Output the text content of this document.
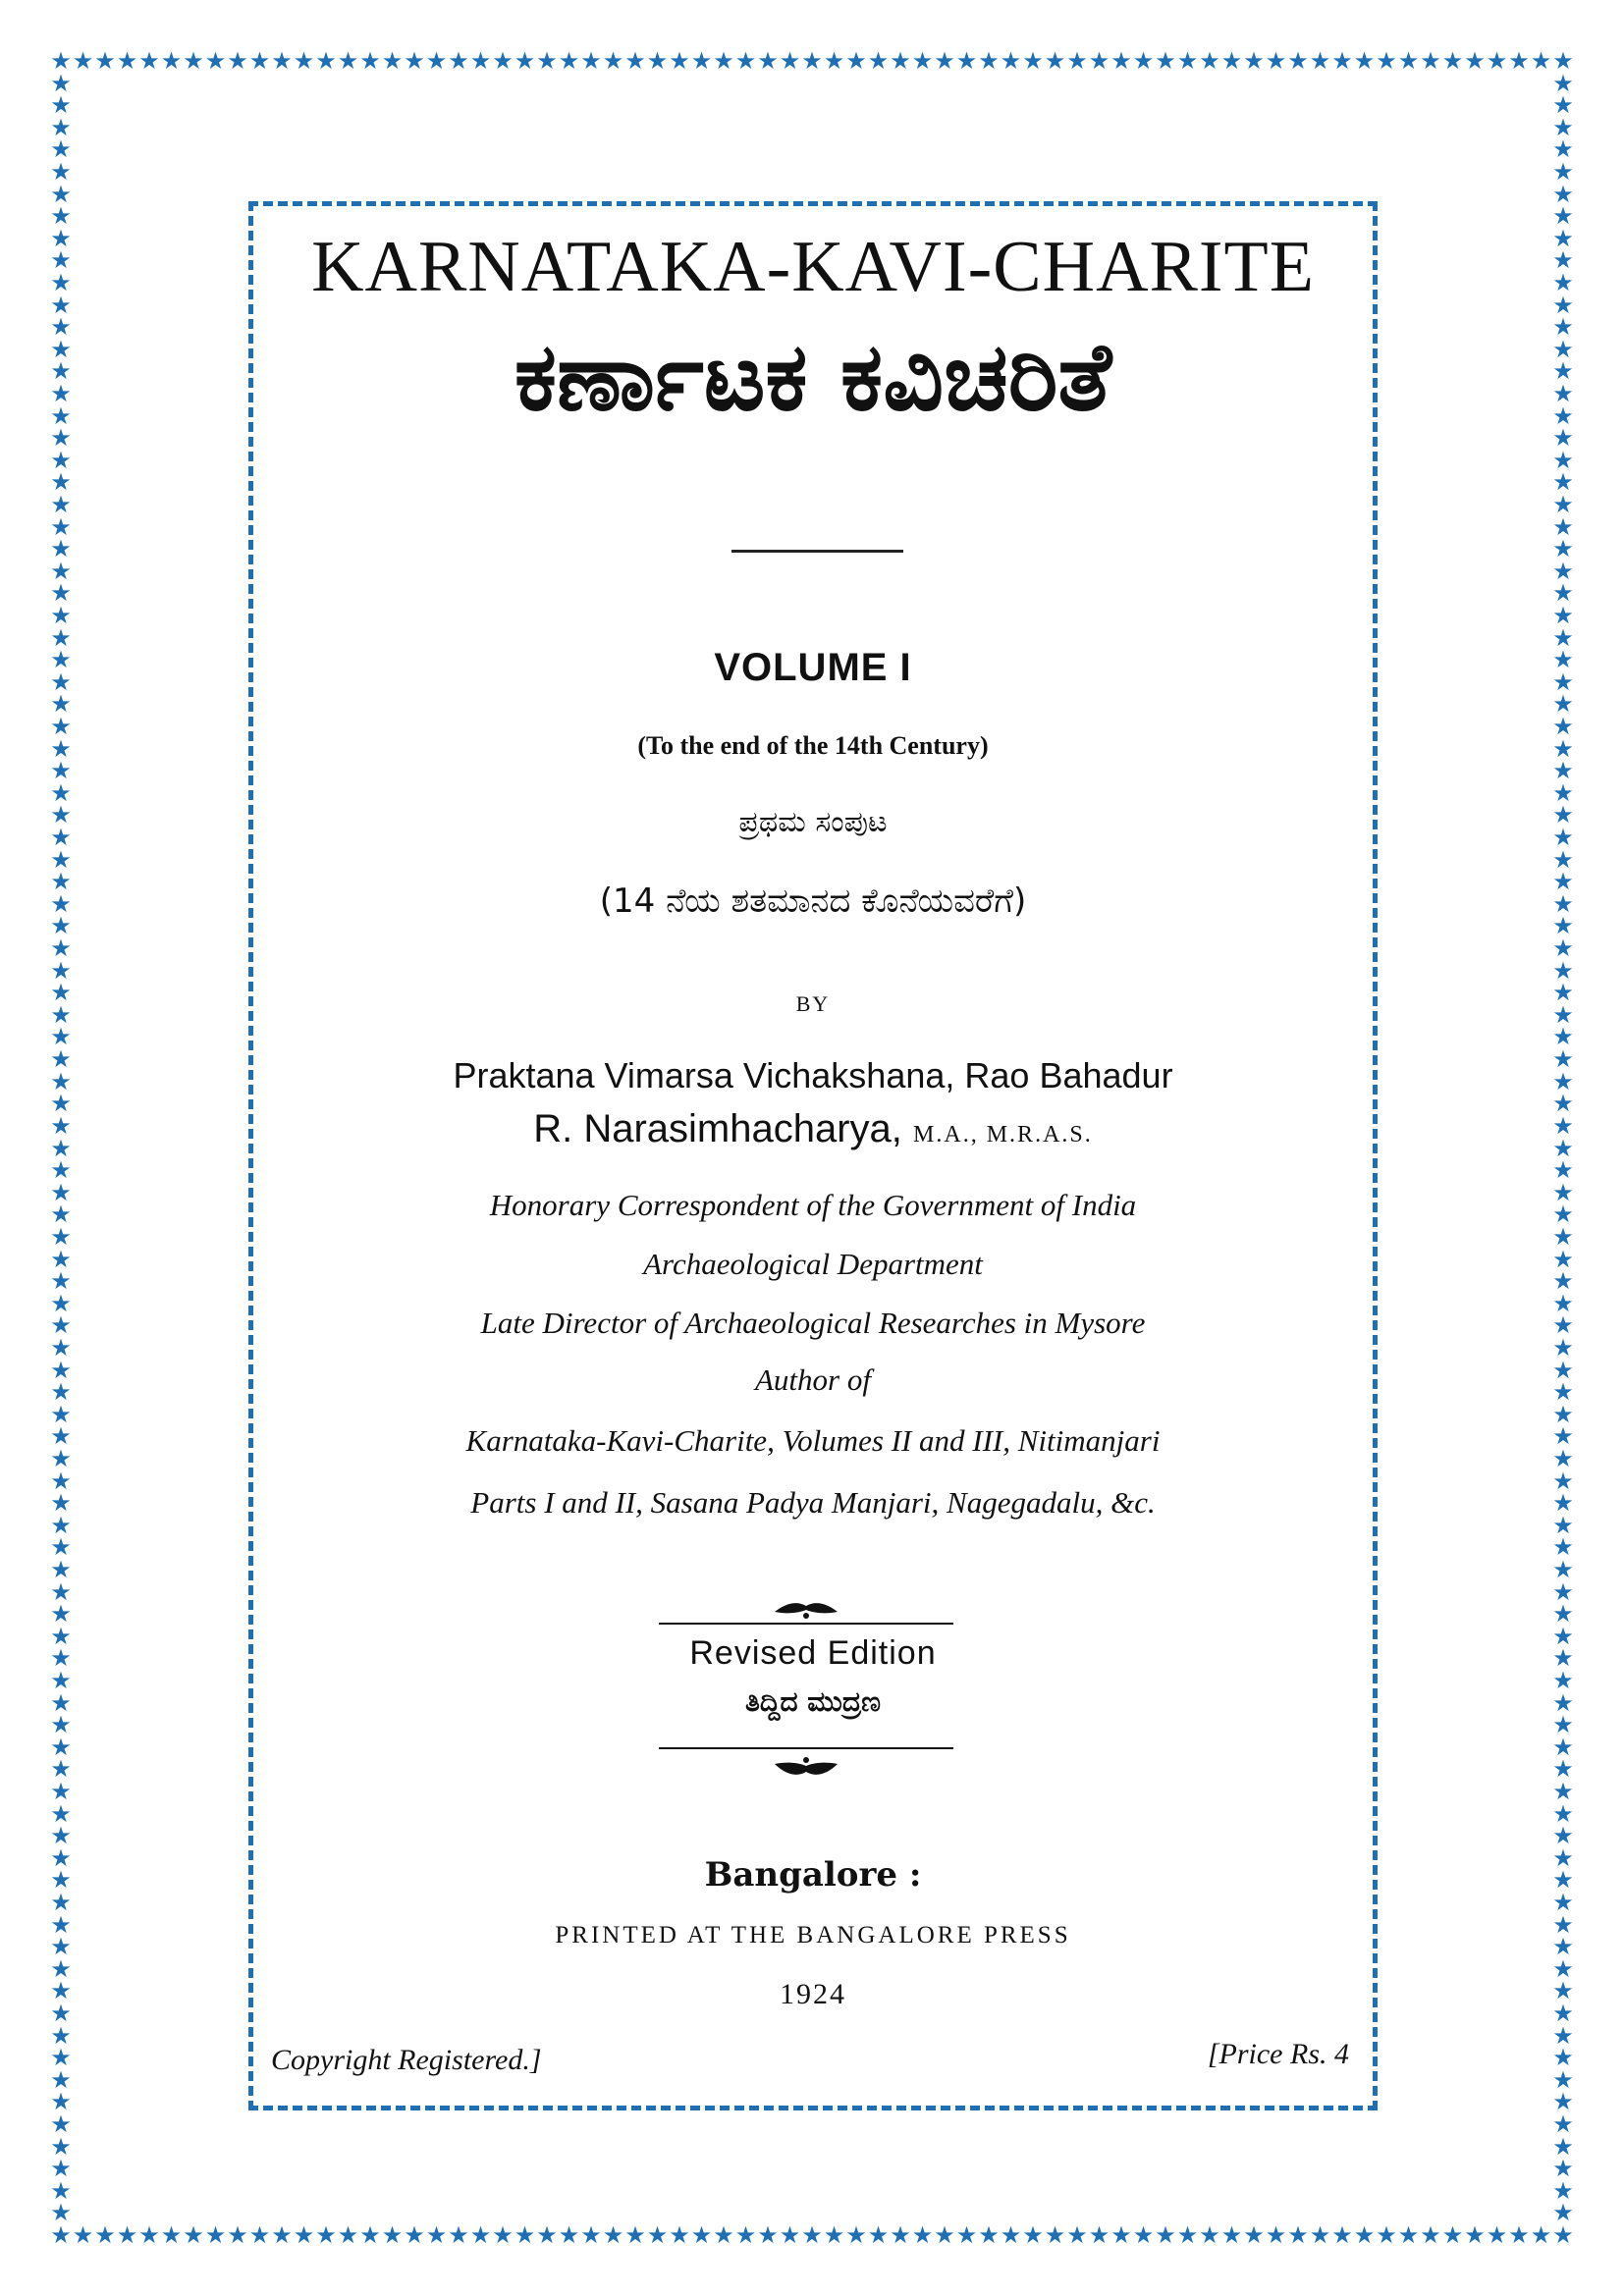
★
★
★
★
★
★
★
★
★
★
★
★
★
★
★
★
★
★
★
★
★
★
★
★
★
★
★
★
★
★
★
★
★
★
★
★
★
★
★
★
★
★
★
★
★
★
★
★
★
★
★
★
★
★
★
★
★
★
★
★
★
★
★
★
★
★
★
★
★
★
★
★
★
★
★
★
★
★
★
★
★
★
★
★
★
★
★
★
★
★
★
★
★
★
★
★
★
★
★
★
★
★
★
★
★
★
★
★
★
★
★
★
★
★
★
★
★
★
★
★
★
★
★
★
★
★
★
★
★
★
★
★
★
★
★
★
★
★
★	★
★	★
★	★
★	★
★	★
★	★
★	★
★	★
★	★
★	★
★	★
★	★
★	★
★	★
★	★
★	★
★	★
★	★
★	★
★	★
★	★
★	★
★	★
★	★
★	★
★	★
★	★
★	★
★	★
★	★
★	★
★	★
★	★
★	★
★	★
★	★
★	★
★	★
★	★
★	★
★	★
★	★
★	★
★	★
★	★
★	★
★	★
★	★
★	★
★	★
★	★
★	★
★	★
★	★
★	★
★	★
★	★
★	★
★	★
★	★
★	★
★	★
★	★
★	★
★	★
★	★
★	★
★	★
★	★
★	★
★	★
★	★
★	★
★	★
★	★
★	★
★	★
★	★
★	★
★	★
★	★
★	★
★	★
★	★
★	★
★	★
★	★
★	★
★	★
★	★
★	★
★	★
★	★
★	★
★	★
★	★
★	★
KARNATAKA-KAVI-CHARITE
ಕರ್ಣಾಟಕ ಕವಿಚರಿತೆ
VOLUME I
(To the end of the 14th Century)
ಪ್ರಥಮ ಸಂಪುಟ
(14 ನೆಯ ಶತಮಾನದ ಕೊನೆಯವರೆಗೆ)
BY
Praktana Vimarsa Vichakshana, Rao Bahadur
R. Narasimhacharya, M.A., M.R.A.S.
Honorary Correspondent of the Government of India
Archaeological Department
Late Director of Archaeological Researches in Mysore
Author of
Karnataka-Kavi-Charite, Volumes II and III, Nitimanjari
Parts I and II, Sasana Padya Manjari, Nagegadalu, &c.
Revised Edition
ತಿದ್ದಿದ ಮುದ್ರಣ
Bangalore :
PRINTED AT THE BANGALORE PRESS
1924
Copyright Registered.]	[Price Rs. 4
